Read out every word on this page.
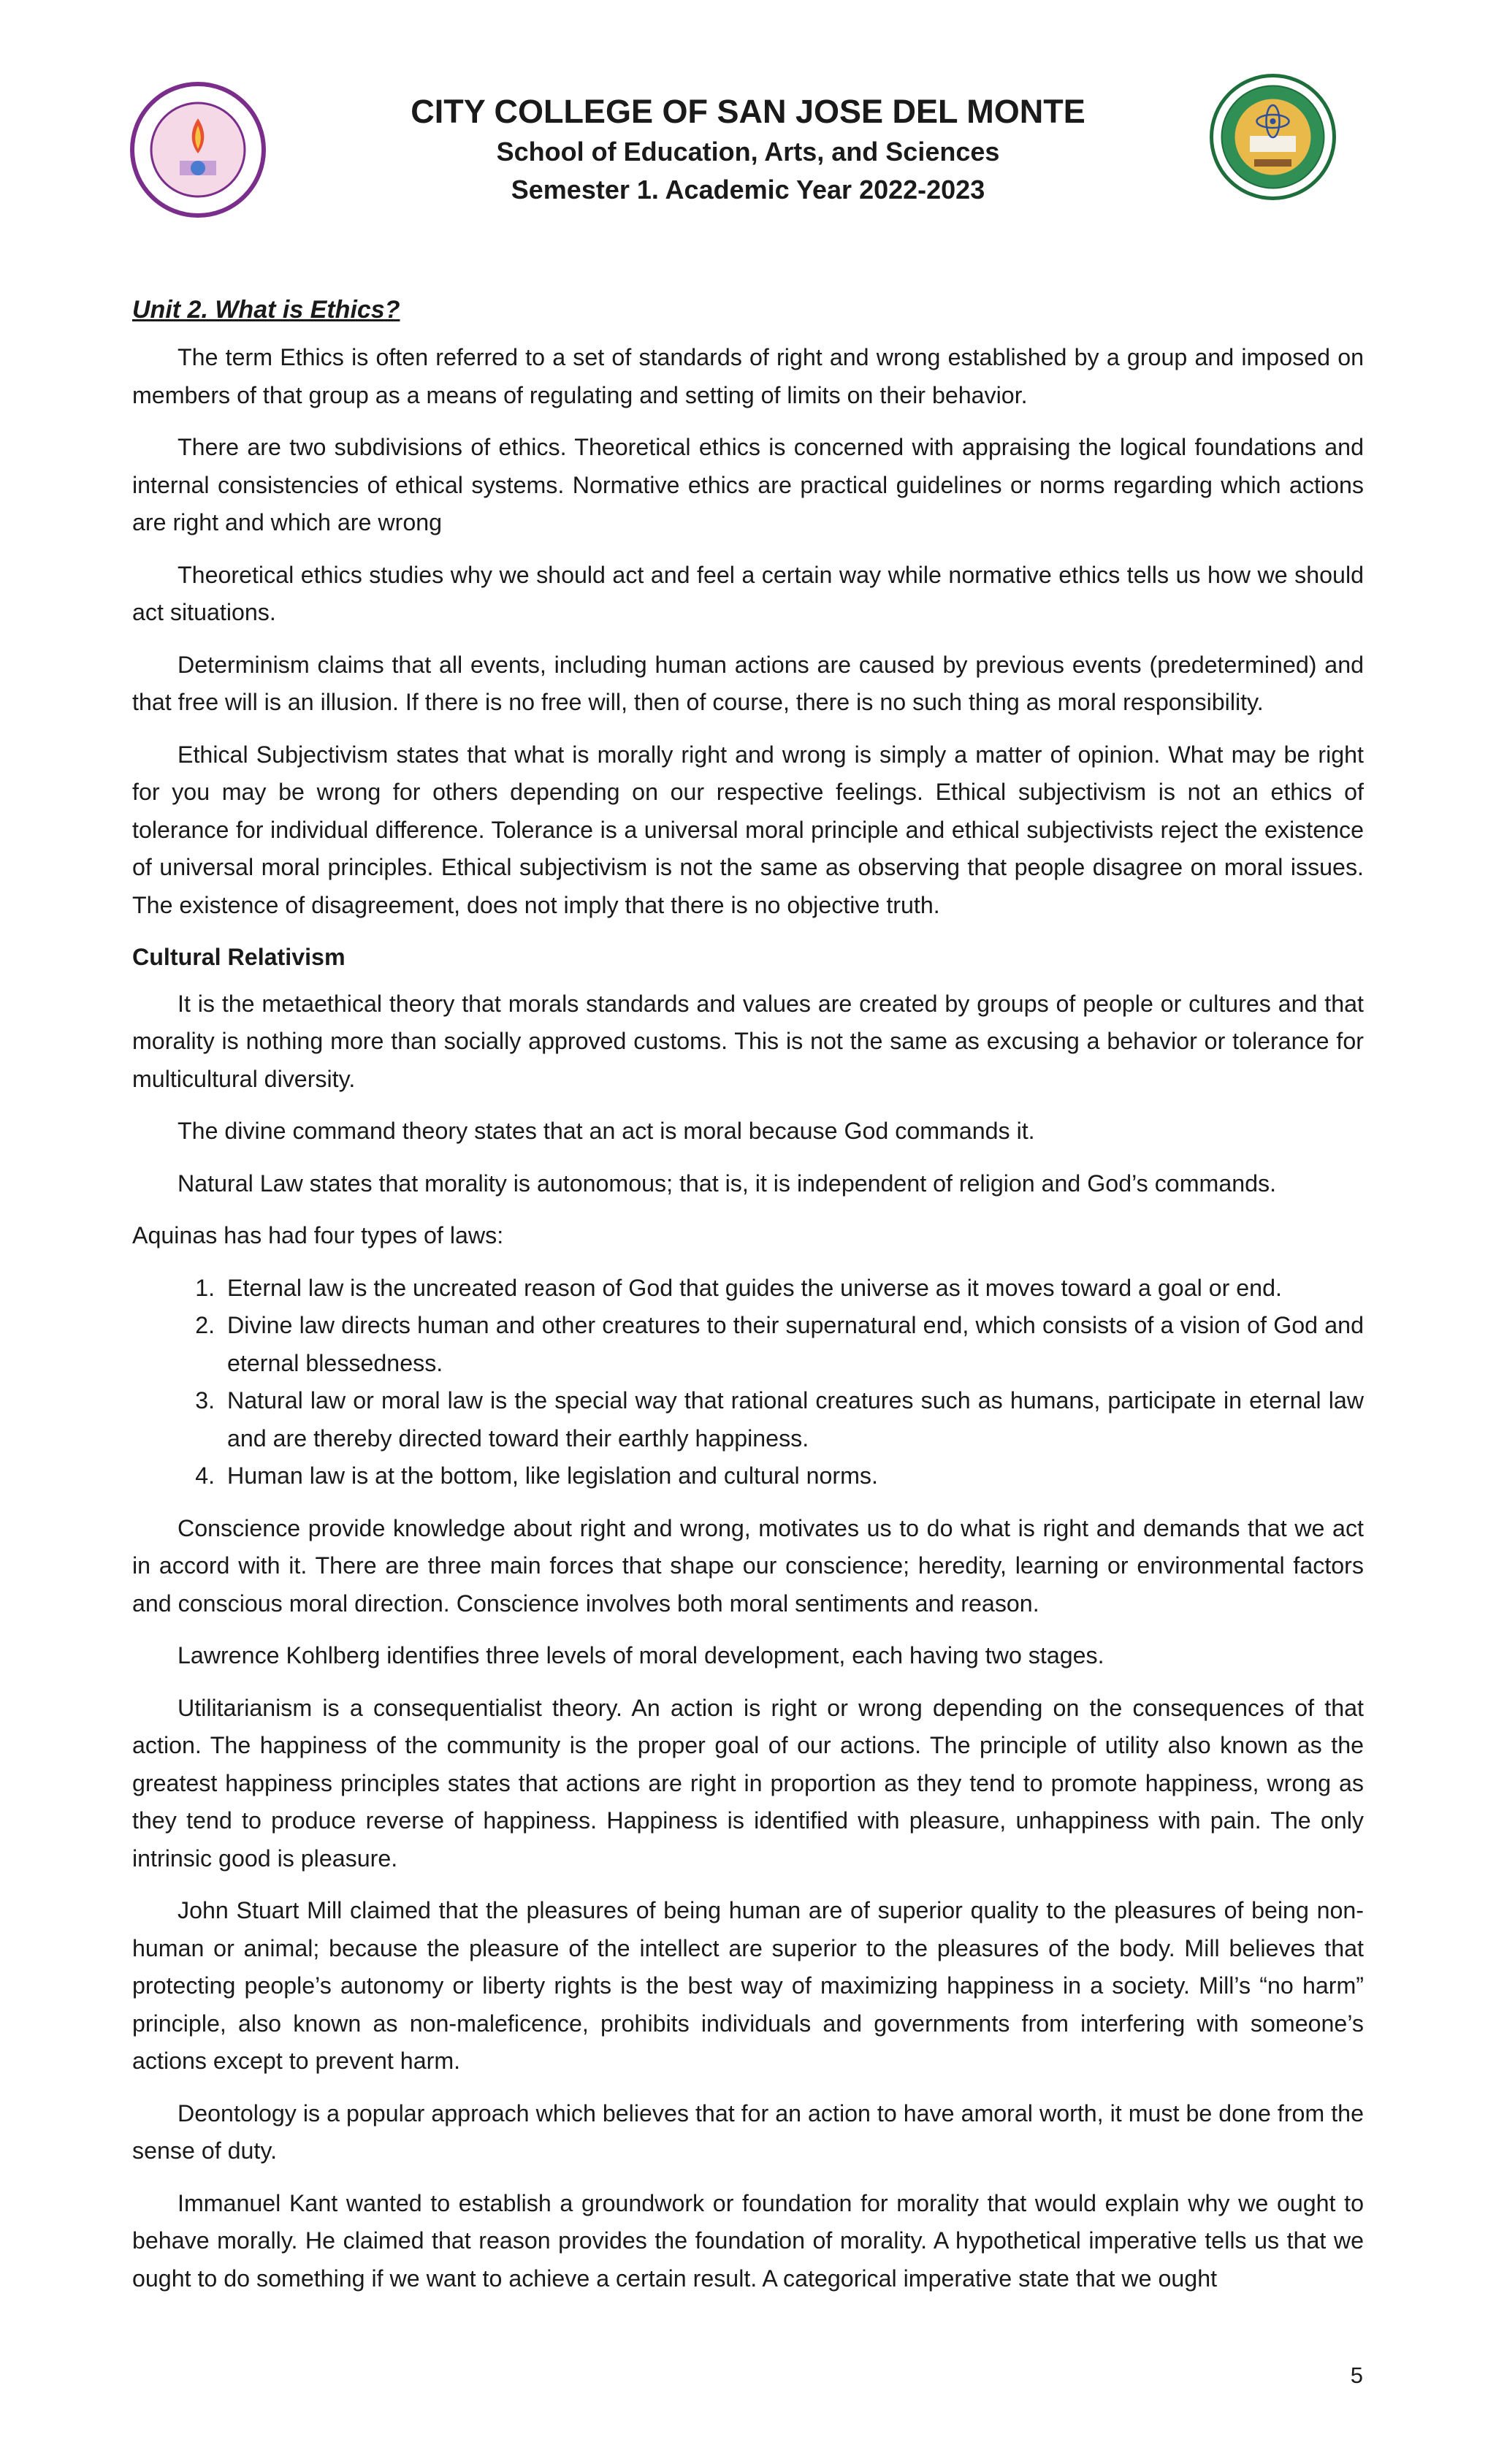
CITY COLLEGE OF SAN JOSE DEL MONTE
School of Education, Arts, and Sciences
Semester 1. Academic Year 2022-2023
Unit 2. What is Ethics?

The term Ethics is often referred to a set of standards of right and wrong established by a group and imposed on members of that group as a means of regulating and setting of limits on their behavior.

There are two subdivisions of ethics. Theoretical ethics is concerned with appraising the logical foundations and internal consistencies of ethical systems. Normative ethics are practical guidelines or norms regarding which actions are right and which are wrong

Theoretical ethics studies why we should act and feel a certain way while normative ethics tells us how we should act situations.

Determinism claims that all events, including human actions are caused by previous events (predetermined) and that free will is an illusion. If there is no free will, then of course, there is no such thing as moral responsibility.

Ethical Subjectivism states that what is morally right and wrong is simply a matter of opinion. What may be right for you may be wrong for others depending on our respective feelings. Ethical subjectivism is not an ethics of tolerance for individual difference. Tolerance is a universal moral principle and ethical subjectivists reject the existence of universal moral principles. Ethical subjectivism is not the same as observing that people disagree on moral issues. The existence of disagreement, does not imply that there is no objective truth.

Cultural Relativism

It is the metaethical theory that morals standards and values are created by groups of people or cultures and that morality is nothing more than socially approved customs. This is not the same as excusing a behavior or tolerance for multicultural diversity.

The divine command theory states that an act is moral because God commands it.

Natural Law states that morality is autonomous; that is, it is independent of religion and God’s commands.

Aquinas has had four types of laws:

1. Eternal law is the uncreated reason of God that guides the universe as it moves toward a goal or end.
2. Divine law directs human and other creatures to their supernatural end, which consists of a vision of God and eternal blessedness.
3. Natural law or moral law is the special way that rational creatures such as humans, participate in eternal law and are thereby directed toward their earthly happiness.
4. Human law is at the bottom, like legislation and cultural norms.

Conscience provide knowledge about right and wrong, motivates us to do what is right and demands that we act in accord with it. There are three main forces that shape our conscience; heredity, learning or environmental factors and conscious moral direction. Conscience involves both moral sentiments and reason.

Lawrence Kohlberg identifies three levels of moral development, each having two stages.

Utilitarianism is a consequentialist theory. An action is right or wrong depending on the consequences of that action. The happiness of the community is the proper goal of our actions. The principle of utility also known as the greatest happiness principles states that actions are right in proportion as they tend to promote happiness, wrong as they tend to produce reverse of happiness. Happiness is identified with pleasure, unhappiness with pain. The only intrinsic good is pleasure.

John Stuart Mill claimed that the pleasures of being human are of superior quality to the pleasures of being non-human or animal; because the pleasure of the intellect are superior to the pleasures of the body. Mill believes that protecting people’s autonomy or liberty rights is the best way of maximizing happiness in a society. Mill’s “no harm” principle, also known as non-maleficence, prohibits individuals and governments from interfering with someone’s actions except to prevent harm.

Deontology is a popular approach which believes that for an action to have amoral worth, it must be done from the sense of duty.

Immanuel Kant wanted to establish a groundwork or foundation for morality that would explain why we ought to behave morally. He claimed that reason provides the foundation of morality. A hypothetical imperative tells us that we ought to do something if we want to achieve a certain result. A categorical imperative state that we ought

5
